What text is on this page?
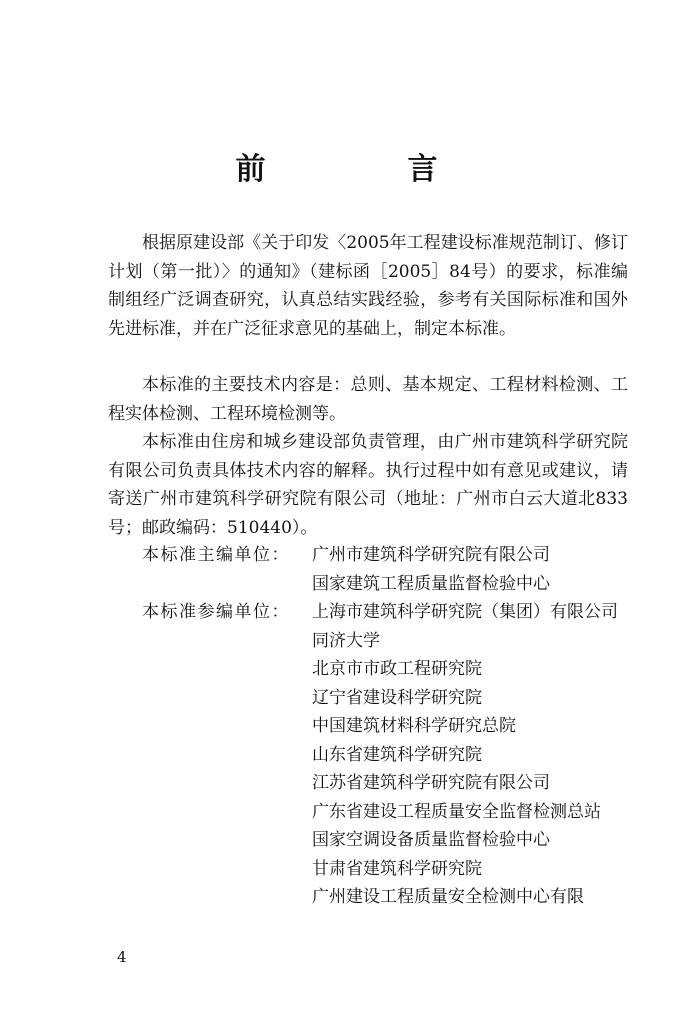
前　言

根据原建设部《关于印发〈2005年工程建设标准规范制订、修订计划（第一批）〉的通知》（建标函［2005］84号）的要求，标准编制组经广泛调查研究，认真总结实践经验，参考有关国际标准和国外先进标准，并在广泛征求意见的基础上，制定本标准。

本标准的主要技术内容是：总则、基本规定、工程材料检测、工程实体检测、工程环境检测等。

本标准由住房和城乡建设部负责管理，由广州市建筑科学研究院有限公司负责具体技术内容的解释。执行过程中如有意见或建议，请寄送广州市建筑科学研究院有限公司（地址：广州市白云大道北833号；邮政编码：510440）。

本标准主编单位：	广州市建筑科学研究院有限公司
国家建筑工程质量监督检验中心
本标准参编单位：	上海市建筑科学研究院（集团）有限公司
同济大学
北京市市政工程研究院
辽宁省建设科学研究院
中国建筑材料科学研究总院
山东省建筑科学研究院
江苏省建筑科学研究院有限公司
广东省建设工程质量安全监督检测总站
国家空调设备质量监督检验中心
甘肃省建筑科学研究院
广州建设工程质量安全检测中心有限
4
